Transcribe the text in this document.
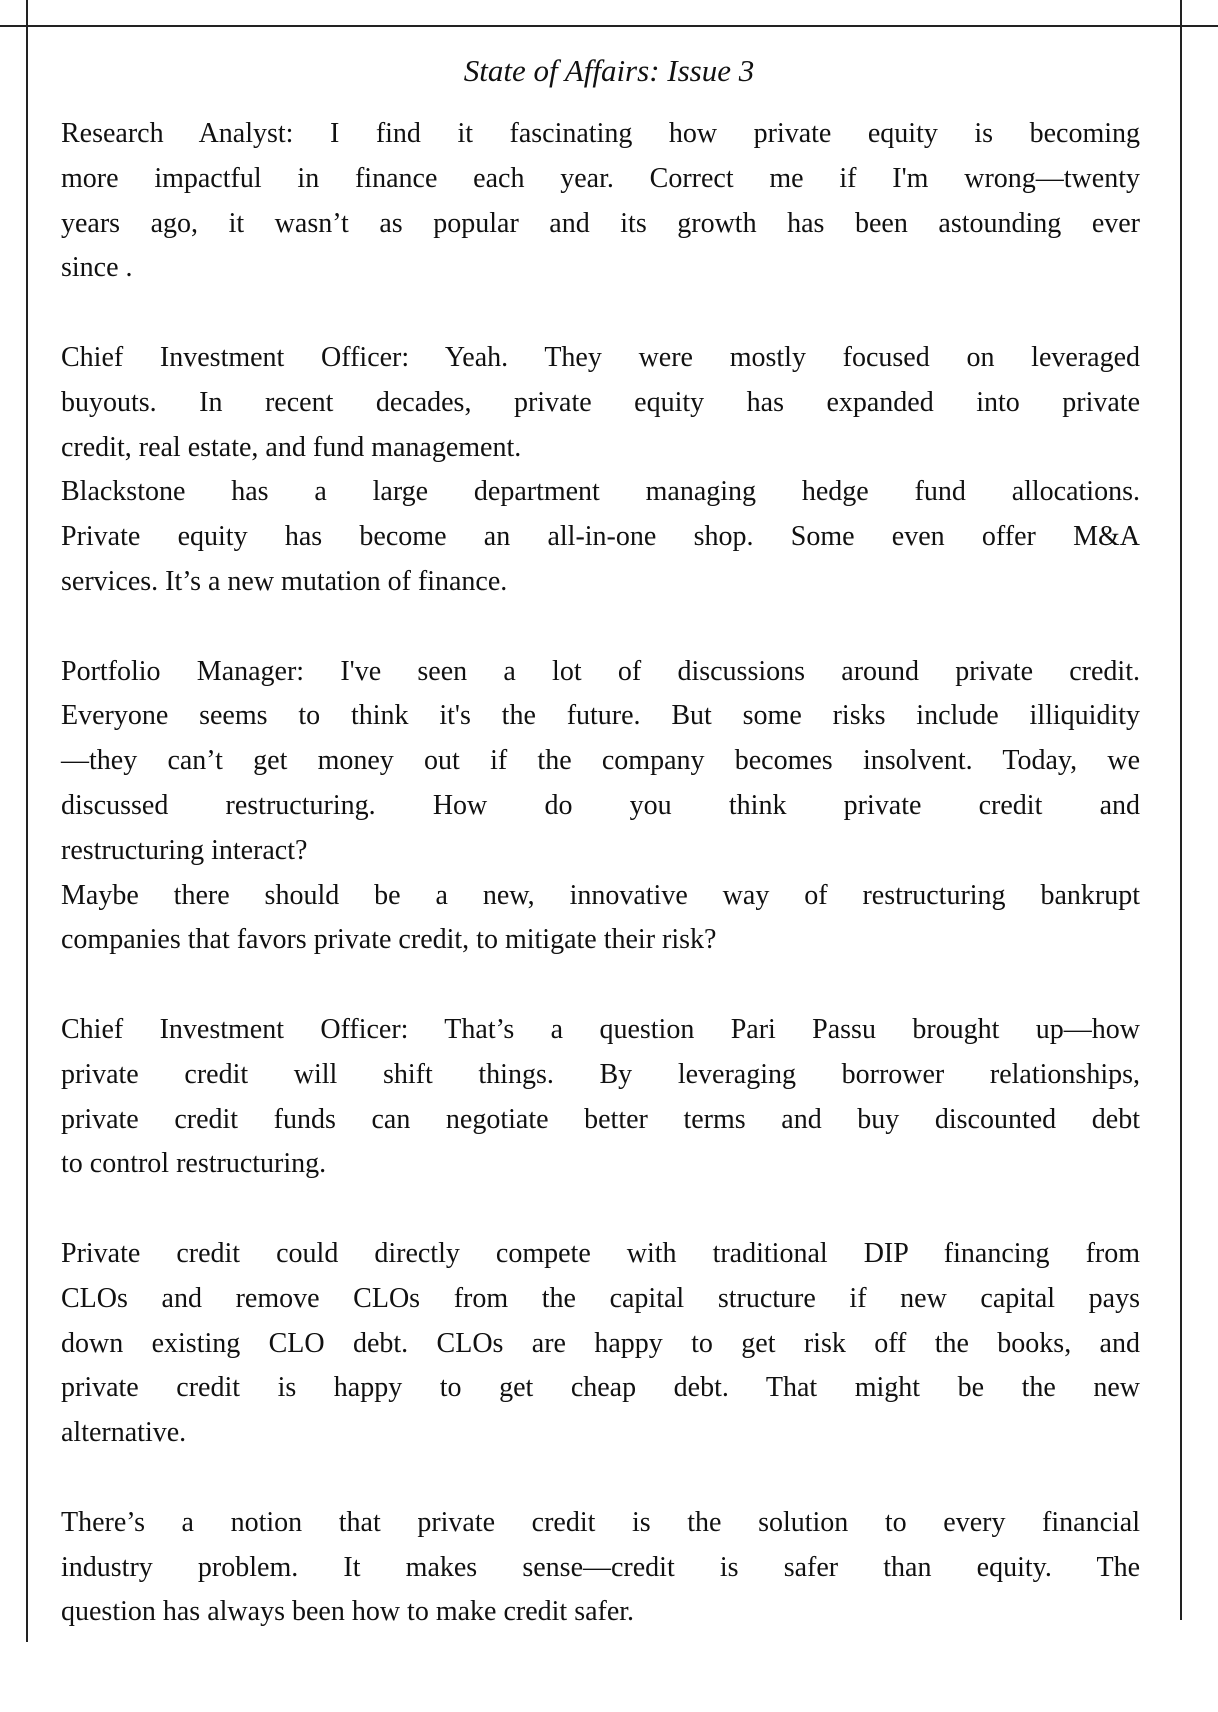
State of Affairs: Issue 3
Research Analyst: I find it fascinating how private equity is becoming
more impactful in finance each year. Correct me if I'm wrong—twenty
years ago, it wasn’t as popular and its growth has been astounding ever
since .
Chief Investment Officer: Yeah. They were mostly focused on leveraged
buyouts. In recent decades, private equity has expanded into private
credit, real estate, and fund management.
Blackstone has a large department managing hedge fund allocations.
Private equity has become an all-in-one shop. Some even offer M&A
services. It’s a new mutation of finance.
Portfolio Manager: I've seen a lot of discussions around private credit.
Everyone seems to think it's the future. But some risks include illiquidity
—they can’t get money out if the company becomes insolvent. Today, we
discussed restructuring. How do you think private credit and
restructuring interact?
Maybe there should be a new, innovative way of restructuring bankrupt
companies that favors private credit, to mitigate their risk?
Chief Investment Officer: That’s a question Pari Passu brought up—how
private credit will shift things. By leveraging borrower relationships,
private credit funds can negotiate better terms and buy discounted debt
to control restructuring.
Private credit could directly compete with traditional DIP financing from
CLOs and remove CLOs from the capital structure if new capital pays
down existing CLO debt. CLOs are happy to get risk off the books, and
private credit is happy to get cheap debt. That might be the new
alternative.
There’s a notion that private credit is the solution to every financial
industry problem. It makes sense—credit is safer than equity. The
question has always been how to make credit safer.
